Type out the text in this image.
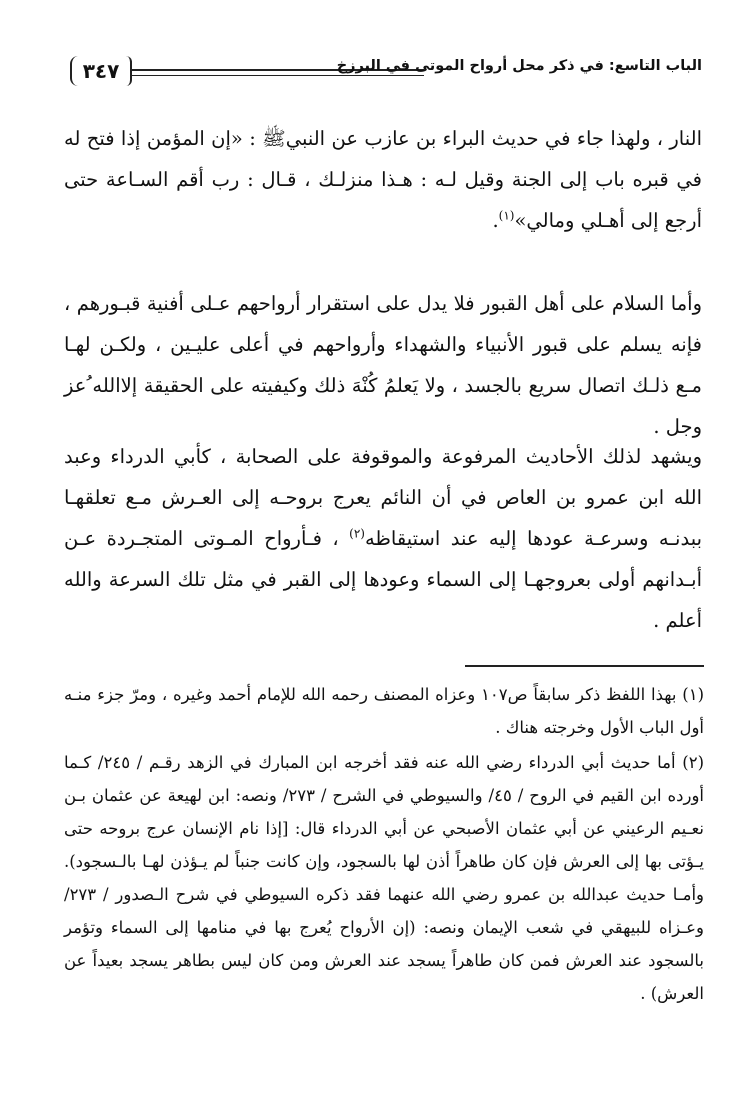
٣٤٧	الباب التاسع: في ذكر محل أرواح الموتى في البرزخ

النار ، ولهذا جاء في حديث البراء بن عازب عن النبيﷺ : «إن المؤمن إذا فتح له في قبره باب إلى الجنة وقيل لـه : هـذا منزلـك ، قـال : رب أقم السـاعة حتى أرجع إلى أهـلي ومالي»$^{(١)}$.

وأما السلام على أهل القبور فلا يدل على استقرار أرواحهم عـلى أفنية قبـورهم ، فإنه يسلم على قبور الأنبياء والشهداء وأرواحهم في أعلى عليـين ، ولكـن لهـا مـع ذلـك اتصال سريع بالجسد ، ولا يَعلمُ كُنْهَ ذلك وكيفيته على الحقيقة إلاالله ُعز وجل .

ويشهد لذلك الأحاديث المرفوعة والموقوفة على الصحابة ، كأبي الدرداء وعبد الله ابن عمرو بن العاص في أن النائم يعرج بروحـه إلى العـرش مـع تعلقهـا ببدنـه وسرعـة عودها إليه عند استيقاظه$^{(٢)}$ ، فـأرواح المـوتى المتجـردة عـن أبـدانهم أولى بعروجهـا إلى السماء وعودها إلى القبر في مثل تلك السرعة والله أعلم .

(١) بهذا اللفظ ذكر سابقاً ص١٠٧ وعزاه المصنف رحمه الله للإمام أحمد وغيره ، ومرّ جزء منـه أول الباب الأول وخرجته هناك .

(٢) أما حديث أبي الدرداء رضي الله عنه فقد أخرجه ابن المبارك في الزهد رقـم / ٢٤٥/ كـما أورده ابن القيم في الروح / ٤٥/ والسيوطي في الشرح / ٢٧٣/ ونصه: ابن لهيعة عن عثمان بـن نعـيم الرعيني عن أبي عثمان الأصبحي عن أبي الدرداء قال: [إذا نام الإنسان عرج بروحه حتى يـؤتى بها إلى العرش فإن كان طاهراً أذن لها بالسجود، وإن كانت جنباً لم يـؤذن لهـا بالـسجود). وأمـا حديث عبدالله بن عمرو رضي الله عنهما فقد ذكره السيوطي في شرح الـصدور / ٢٧٣/ وعـزاه للبيهقي في شعب الإيمان ونصه: (إن الأرواح يُعرج بها في منامها إلى السماء وتؤمر بالسجود عند العرش فمن كان طاهراً يسجد عند العرش ومن كان ليس بطاهر يسجد بعيداً عن العرش) .
